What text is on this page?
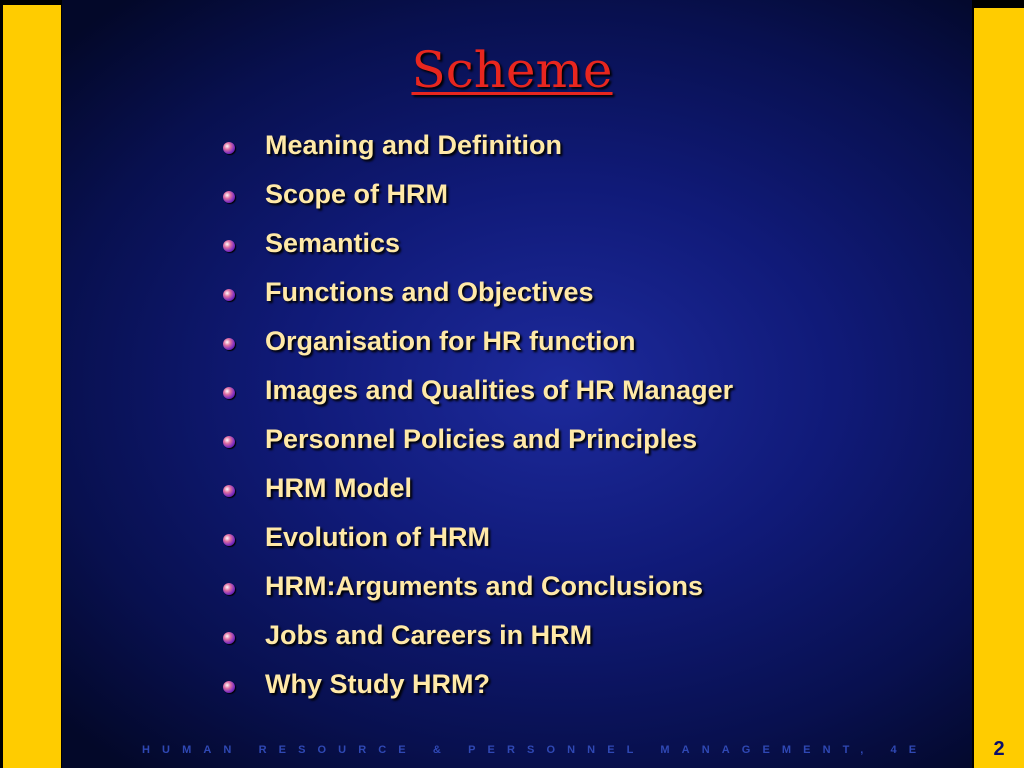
Scheme
Meaning and Definition
Scope of HRM
Semantics
Functions and Objectives
Organisation for HR function
Images and Qualities of HR Manager
Personnel Policies and Principles
HRM Model
Evolution of HRM
HRM:Arguments and Conclusions
Jobs and Careers in HRM
Why Study HRM?
HUMAN RESOURCE & PERSONNEL MANAGEMENT, 4E	2
